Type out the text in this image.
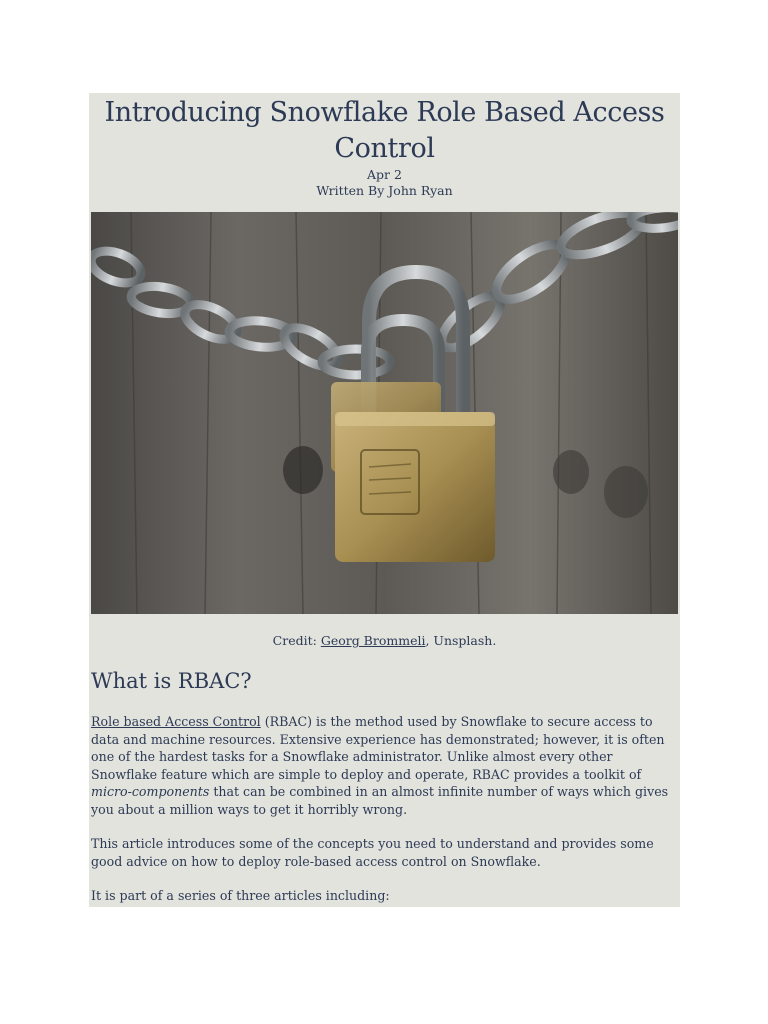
Introducing Snowflake Role Based Access Control
Apr 2
Written By John Ryan
Credit: Georg Brommeli, Unsplash.
What is RBAC?

Role based Access Control (RBAC) is the method used by Snowflake to secure access to data and machine resources. Extensive experience has demonstrated; however, it is often one of the hardest tasks for a Snowflake administrator. Unlike almost every other Snowflake feature which are simple to deploy and operate, RBAC provides a toolkit of micro-components that can be combined in an almost infinite number of ways which gives you about a million ways to get it horribly wrong.

This article introduces some of the concepts you need to understand and provides some good advice on how to deploy role-based access control on Snowflake.

It is part of a series of three articles including:
